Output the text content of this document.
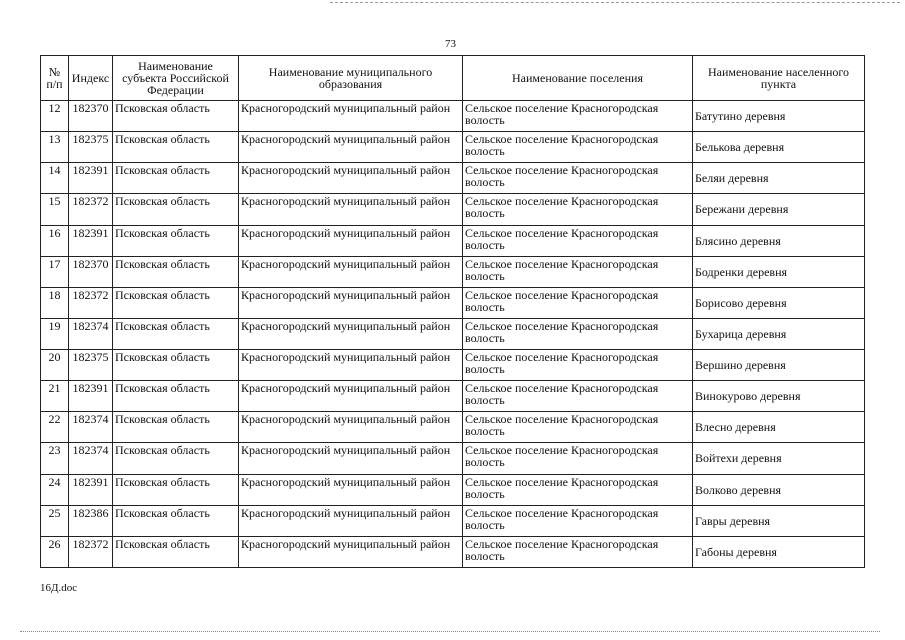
73
№ п/п	Индекс	Наименование субъекта Российской Федерации	Наименование муниципального образования	Наименование поселения	Наименование населенного пункта
12	182370	Псковская область	Красногородский муниципальный район	Сельское поселение Красногородская волость	Батутино деревня
13	182375	Псковская область	Красногородский муниципальный район	Сельское поселение Красногородская волость	Белькова деревня
14	182391	Псковская область	Красногородский муниципальный район	Сельское поселение Красногородская волость	Беляи деревня
15	182372	Псковская область	Красногородский муниципальный район	Сельское поселение Красногородская волость	Бережани деревня
16	182391	Псковская область	Красногородский муниципальный район	Сельское поселение Красногородская волость	Блясино деревня
17	182370	Псковская область	Красногородский муниципальный район	Сельское поселение Красногородская волость	Бодренки деревня
18	182372	Псковская область	Красногородский муниципальный район	Сельское поселение Красногородская волость	Борисово деревня
19	182374	Псковская область	Красногородский муниципальный район	Сельское поселение Красногородская волость	Бухарица деревня
20	182375	Псковская область	Красногородский муниципальный район	Сельское поселение Красногородская волость	Вершино деревня
21	182391	Псковская область	Красногородский муниципальный район	Сельское поселение Красногородская волость	Винокурово деревня
22	182374	Псковская область	Красногородский муниципальный район	Сельское поселение Красногородская волость	Влесно деревня
23	182374	Псковская область	Красногородский муниципальный район	Сельское поселение Красногородская волость	Войтехи деревня
24	182391	Псковская область	Красногородский муниципальный район	Сельское поселение Красногородская волость	Волково деревня
25	182386	Псковская область	Красногородский муниципальный район	Сельское поселение Красногородская волость	Гавры деревня
26	182372	Псковская область	Красногородский муниципальный район	Сельское поселение Красногородская волость	Габоны деревня
16Д.doc
